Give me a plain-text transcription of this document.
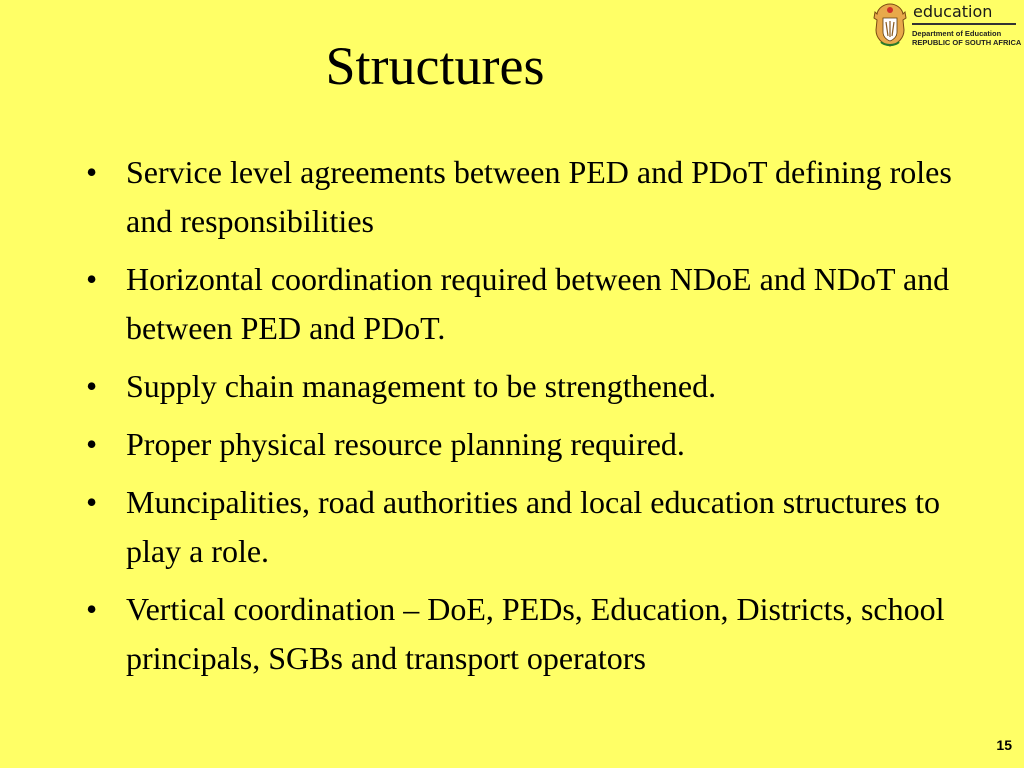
education
Department of Education
REPUBLIC OF SOUTH AFRICA
Structures
• Service level agreements between PED and PDoT defining roles and responsibilities
• Horizontal coordination required between NDoE and NDoT and between PED and PDoT.
• Supply chain management to be strengthened.
• Proper physical resource planning required.
• Muncipalities, road authorities and local education structures to play a role.
• Vertical coordination – DoE, PEDs, Education, Districts, school principals, SGBs and transport operators
15
